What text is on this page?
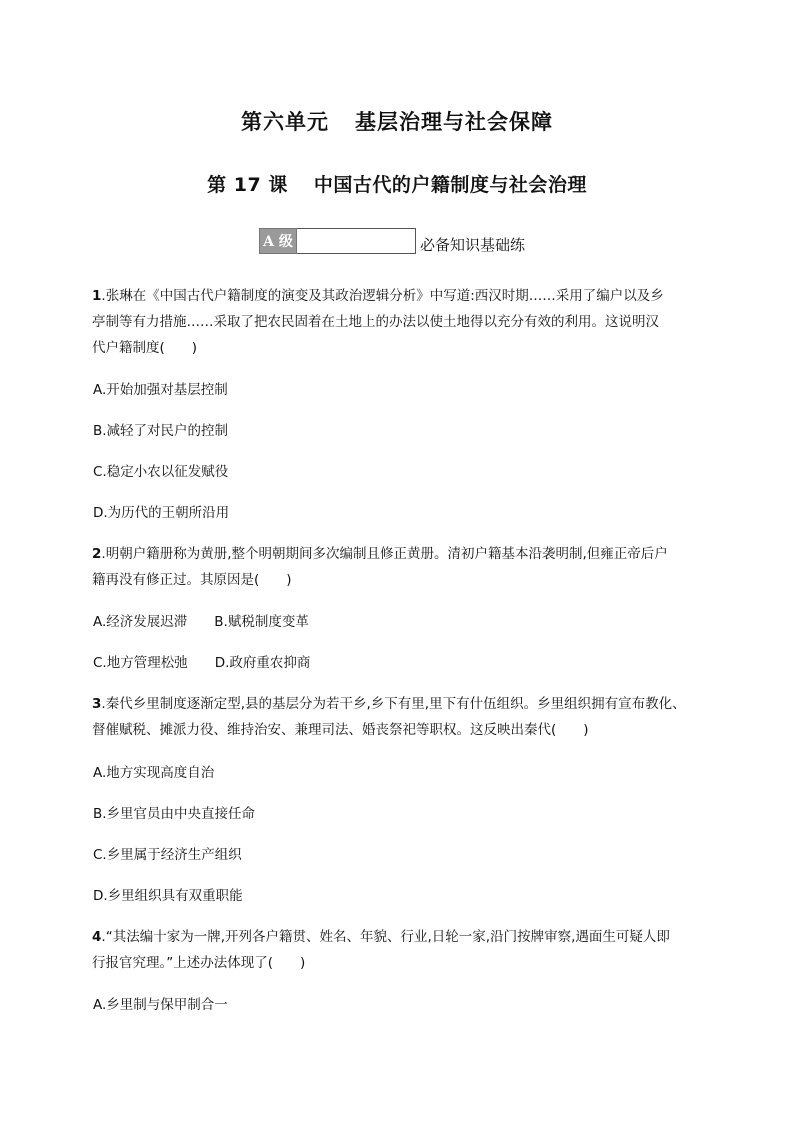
第六单元 基层治理与社会保障
第 17 课 中国古代的户籍制度与社会治理
A 级	必备知识基础练
1.张琳在《中国古代户籍制度的演变及其政治逻辑分析》中写道:西汉时期……采用了编户以及乡
亭制等有力措施……采取了把农民固着在土地上的办法以使土地得以充分有效的利用。这说明汉
代户籍制度(　　)
A.开始加强对基层控制
B.减轻了对民户的控制
C.稳定小农以征发赋役
D.为历代的王朝所沿用
2.明朝户籍册称为黄册,整个明朝期间多次编制且修正黄册。清初户籍基本沿袭明制,但雍正帝后户
籍再没有修正过。其原因是(　　)
A.经济发展迟滞　　B.赋税制度变革
C.地方管理松弛　　D.政府重农抑商
3.秦代乡里制度逐渐定型,县的基层分为若干乡,乡下有里,里下有什伍组织。乡里组织拥有宣布教化、
督催赋税、摊派力役、维持治安、兼理司法、婚丧祭祀等职权。这反映出秦代(　　)
A.地方实现高度自治
B.乡里官员由中央直接任命
C.乡里属于经济生产组织
D.乡里组织具有双重职能
4.“其法编十家为一牌,开列各户籍贯、姓名、年貌、行业,日轮一家,沿门按牌审察,遇面生可疑人即
行报官究理。”上述办法体现了(　　)
A.乡里制与保甲制合一
